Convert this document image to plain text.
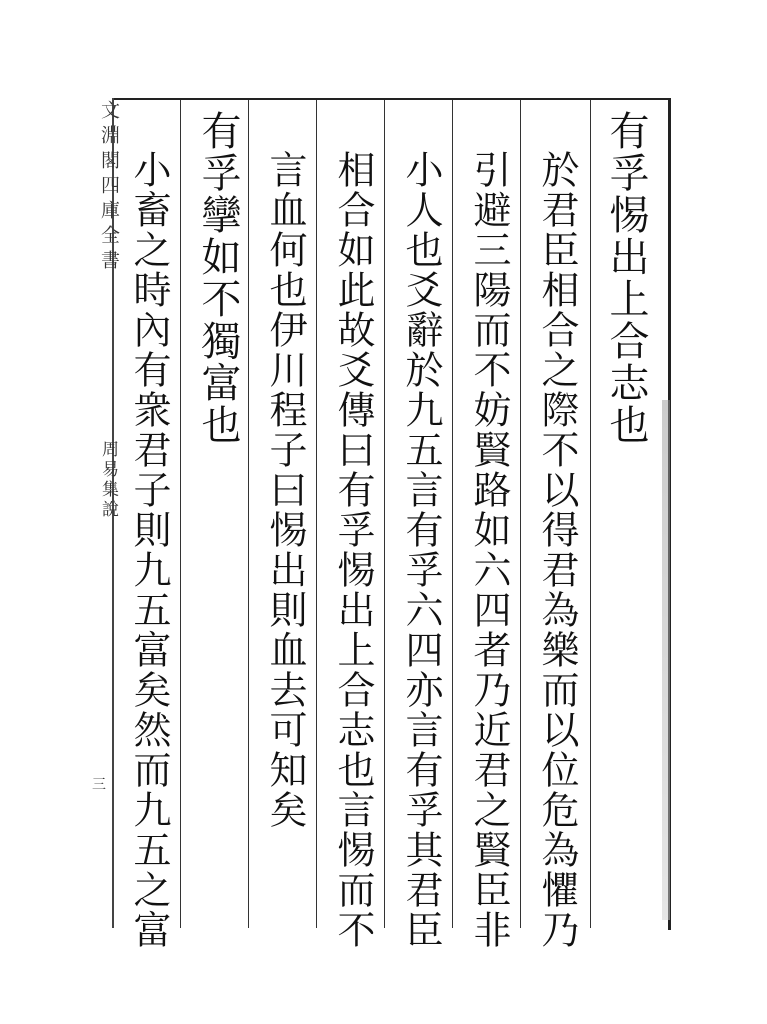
文淵閣四庫全書
周易集說
三
有孚惕出上合志也
於君臣相合之際不以得君為樂而以位危為懼乃
引避三陽而不妨賢路如六四者乃近君之賢臣非
小人也爻辭於九五言有孚六四亦言有孚其君臣
相合如此故爻傳曰有孚惕出上合志也言惕而不
言血何也伊川程子曰惕出則血去可知矣
有孚攣如不獨富也
小畜之時內有衆君子則九五富矣然而九五之富
